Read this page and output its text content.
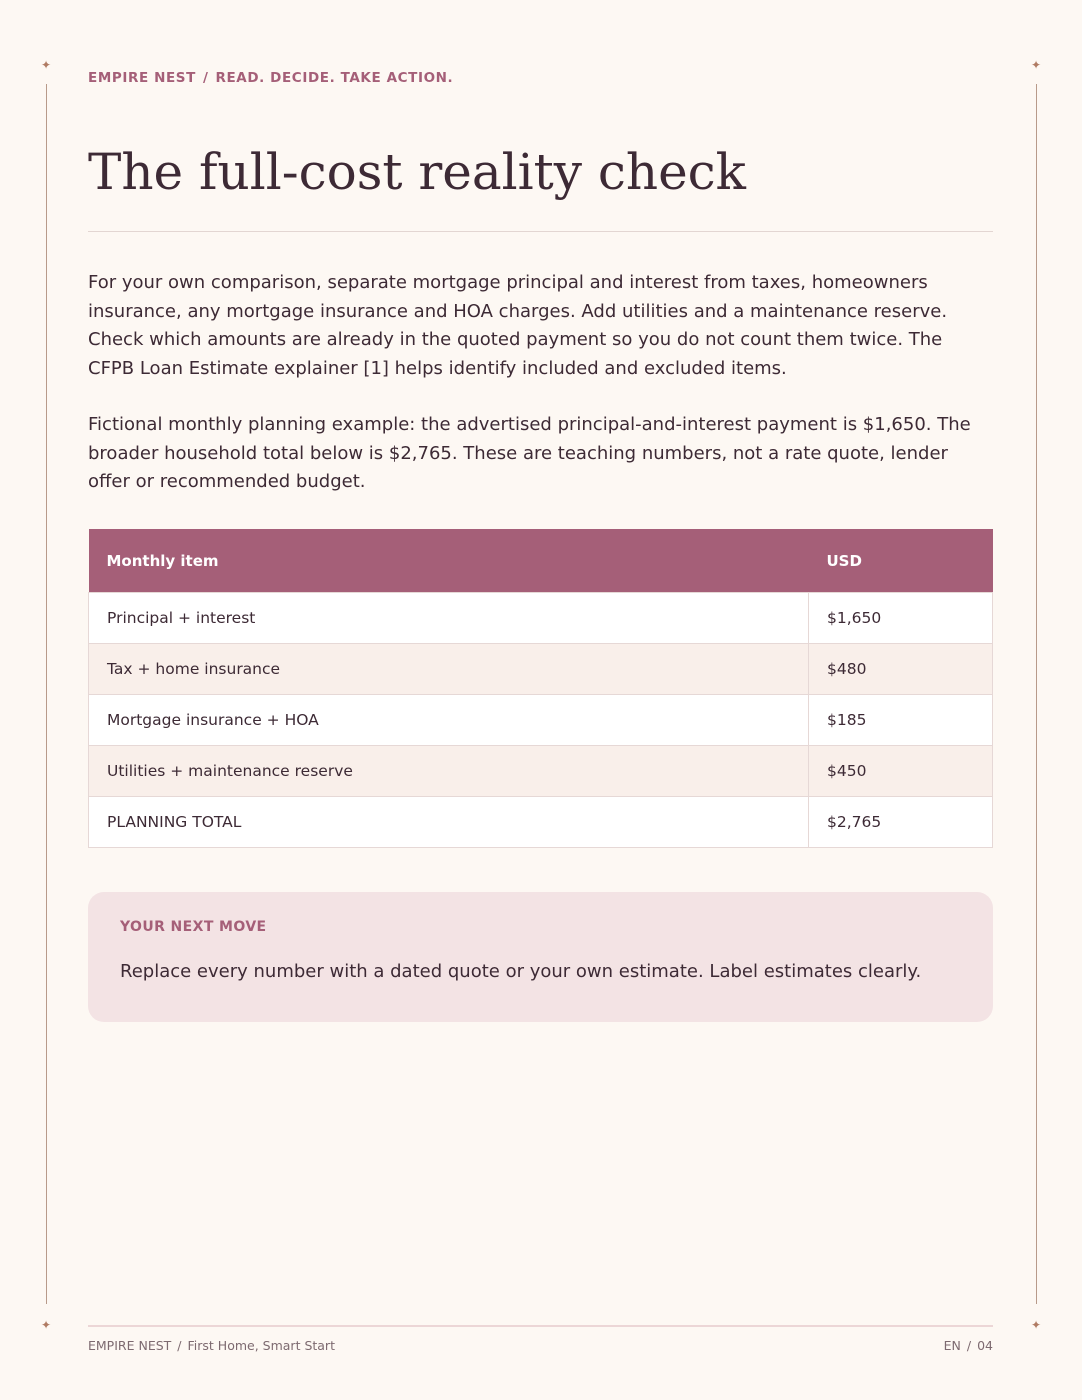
✦	✦
✦	✦
EMPIRE NEST / READ. DECIDE. TAKE ACTION.
The full-cost reality check

For your own comparison, separate mortgage principal and interest from taxes, homeowners insurance, any mortgage insurance and HOA charges. Add utilities and a maintenance reserve. Check which amounts are already in the quoted payment so you do not count them twice. The CFPB Loan Estimate explainer [1] helps identify included and excluded items.

Fictional monthly planning example: the advertised principal-and-interest payment is $1,650. The broader household total below is $2,765. These are teaching numbers, not a rate quote, lender offer or recommended budget.

Monthly item	USD
Principal + interest	$1,650
Tax + home insurance	$480
Mortgage insurance + HOA	$185
Utilities + maintenance reserve	$450
PLANNING TOTAL	$2,765
YOUR NEXT MOVE
Replace every number with a dated quote or your own estimate. Label estimates clearly.
EMPIRE NEST / First Home, Smart Start	EN / 04
